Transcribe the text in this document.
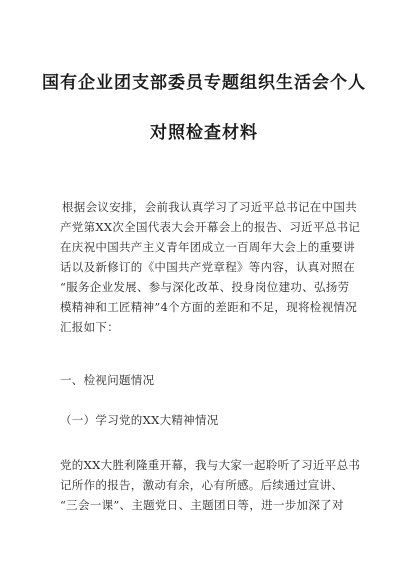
国有企业团支部委员专题组织生活会个人
对照检查材料
根据会议安排，会前我认真学习了习近平总书记在中国共
产党第XX次全国代表大会开幕会上的报告、习近平总书记
在庆祝中国共产主义青年团成立一百周年大会上的重要讲
话以及新修订的《中国共产党章程》等内容，认真对照在
“服务企业发展、参与深化改革、投身岗位建功、弘扬劳
模精神和工匠精神”4个方面的差距和不足，现将检视情况
汇报如下：
一、检视问题情况
（一）学习党的XX大精神情况
党的XX大胜利隆重开幕，我与大家一起聆听了习近平总书
记所作的报告，激动有余，心有所感。后续通过宣讲、
“三会一课”、主题党日、主题团日等，进一步加深了对
